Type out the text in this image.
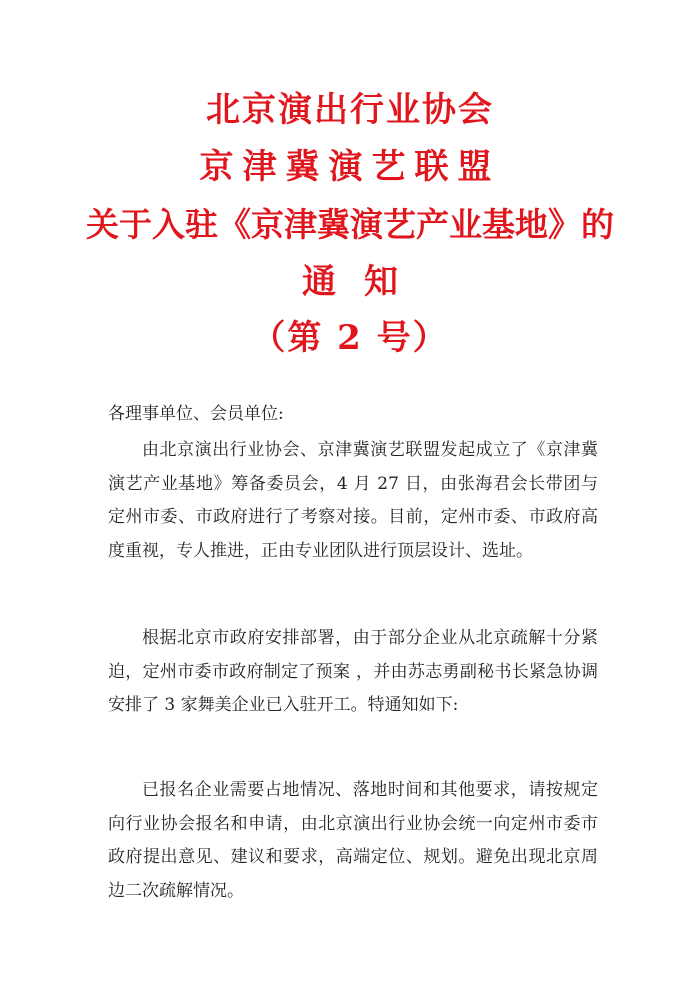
北京演出行业协会
京津冀演艺联盟
关于入驻《京津冀演艺产业基地》的
通知
（第 2 号）
各理事单位、会员单位:

由北京演出行业协会、京津冀演艺联盟发起成立了《京津冀演艺产业基地》筹备委员会，4 月 27 日，由张海君会长带团与定州市委、市政府进行了考察对接。目前，定州市委、市政府高度重视，专人推进，正由专业团队进行顶层设计、选址。

根据北京市政府安排部署，由于部分企业从北京疏解十分紧迫，定州市委市政府制定了预案 ，并由苏志勇副秘书长紧急协调安排了 3 家舞美企业已入驻开工。特通知如下:

已报名企业需要占地情况、落地时间和其他要求，请按规定向行业协会报名和申请，由北京演出行业协会统一向定州市委市政府提出意见、建议和要求，高端定位、规划。避免出现北京周边二次疏解情况。
